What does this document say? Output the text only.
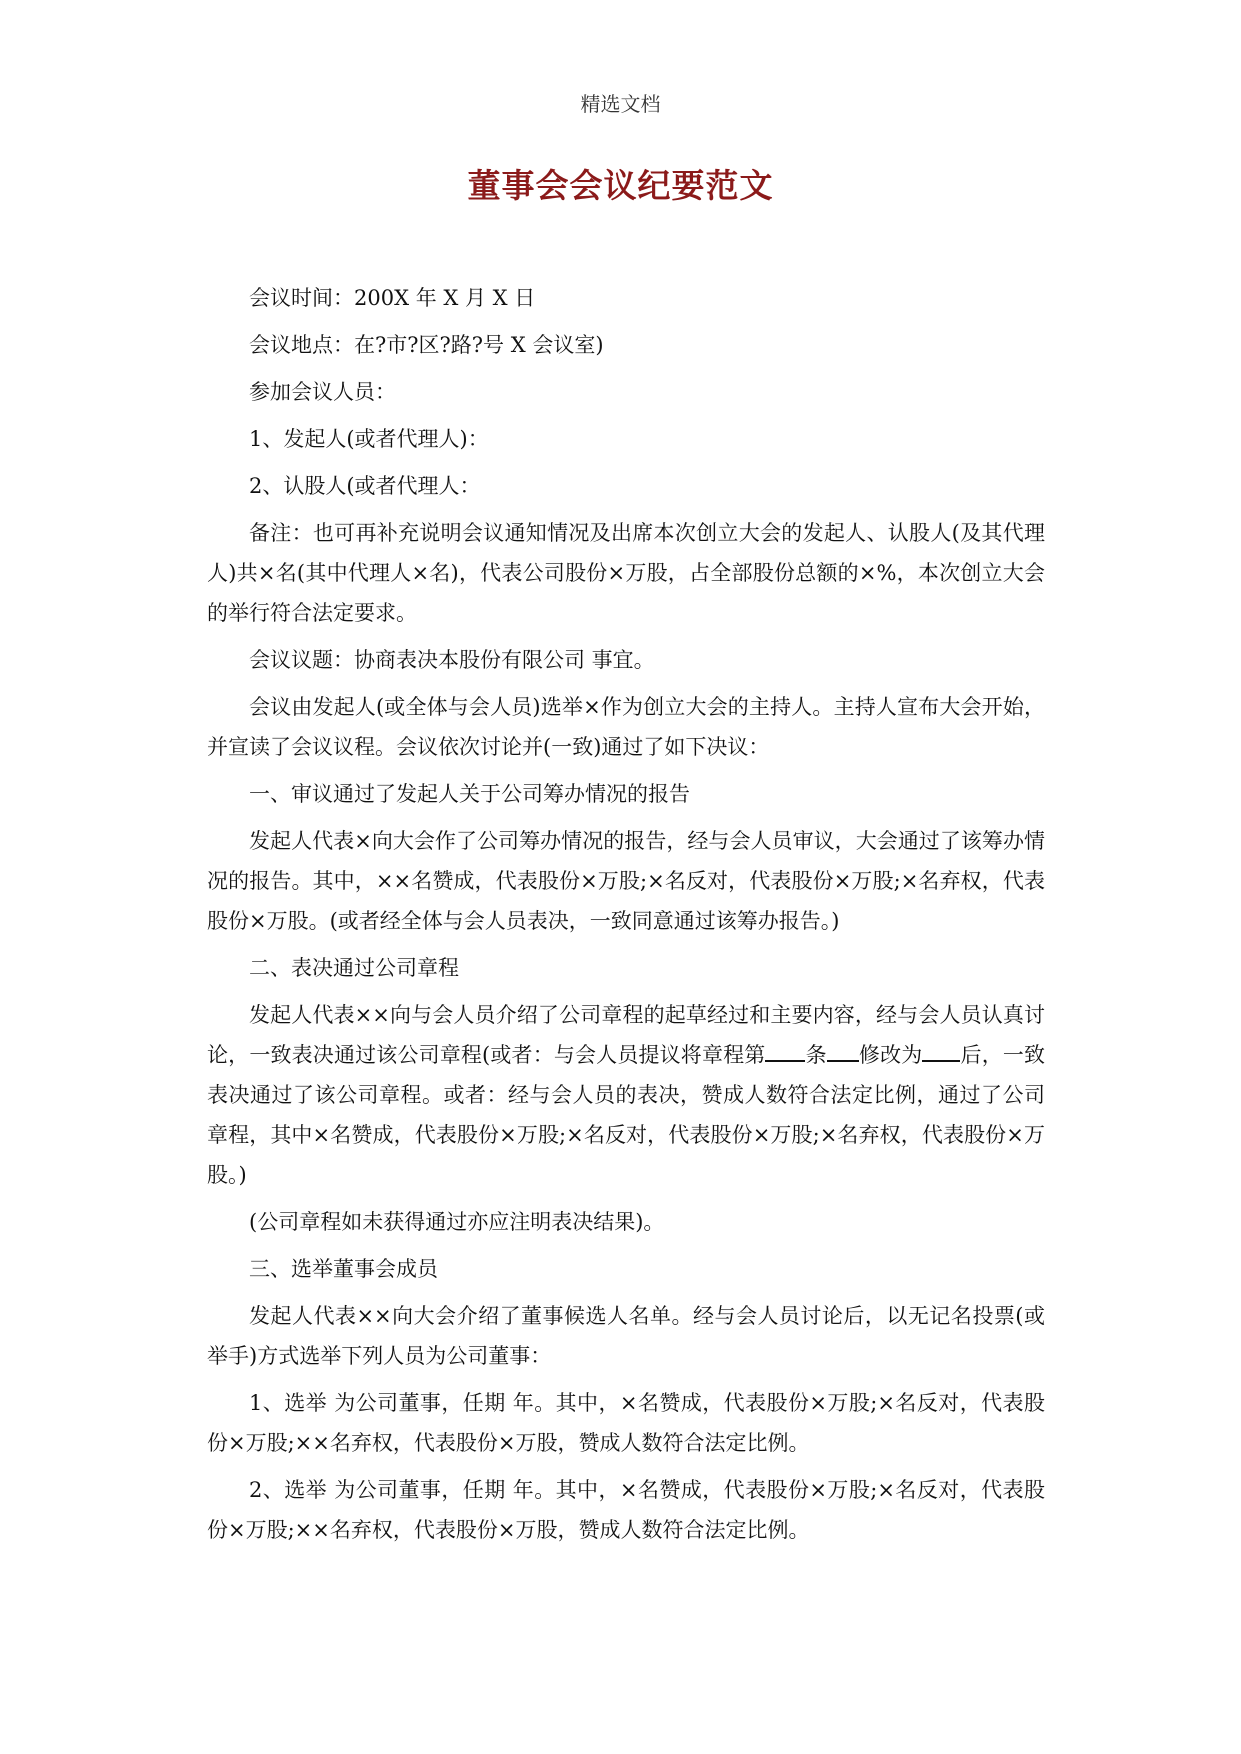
精选文档
董事会会议纪要范文

会议时间：200X 年 X 月 X 日

会议地点：在?市?区?路?号 X 会议室)

参加会议人员：

1、发起人(或者代理人)：

2、认股人(或者代理人：

备注：也可再补充说明会议通知情况及出席本次创立大会的发起人、认股人(及其代理人)共×名(其中代理人×名)，代表公司股份×万股，占全部股份总额的×%，本次创立大会的举行符合法定要求。

会议议题：协商表决本股份有限公司 事宜。

会议由发起人(或全体与会人员)选举×作为创立大会的主持人。主持人宣布大会开始，并宣读了会议议程。会议依次讨论并(一致)通过了如下决议：

一、审议通过了发起人关于公司筹办情况的报告

发起人代表×向大会作了公司筹办情况的报告，经与会人员审议，大会通过了该筹办情况的报告。其中，××名赞成，代表股份×万股;×名反对，代表股份×万股;×名弃权，代表股份×万股。(或者经全体与会人员表决，一致同意通过该筹办报告。)

二、表决通过公司章程

发起人代表××向与会人员介绍了公司章程的起草经过和主要内容，经与会人员认真讨论，一致表决通过该公司章程(或者：与会人员提议将章程第 条 修改为 后，一致表决通过了该公司章程。或者：经与会人员的表决，赞成人数符合法定比例，通过了公司章程，其中×名赞成，代表股份×万股;×名反对，代表股份×万股;×名弃权，代表股份×万股。)

(公司章程如未获得通过亦应注明表决结果)。

三、选举董事会成员

发起人代表××向大会介绍了董事候选人名单。经与会人员讨论后，以无记名投票(或举手)方式选举下列人员为公司董事：

1、选举 为公司董事，任期 年。其中，×名赞成，代表股份×万股;×名反对，代表股份×万股;××名弃权，代表股份×万股，赞成人数符合法定比例。

2、选举 为公司董事，任期 年。其中，×名赞成，代表股份×万股;×名反对，代表股份×万股;××名弃权，代表股份×万股，赞成人数符合法定比例。
